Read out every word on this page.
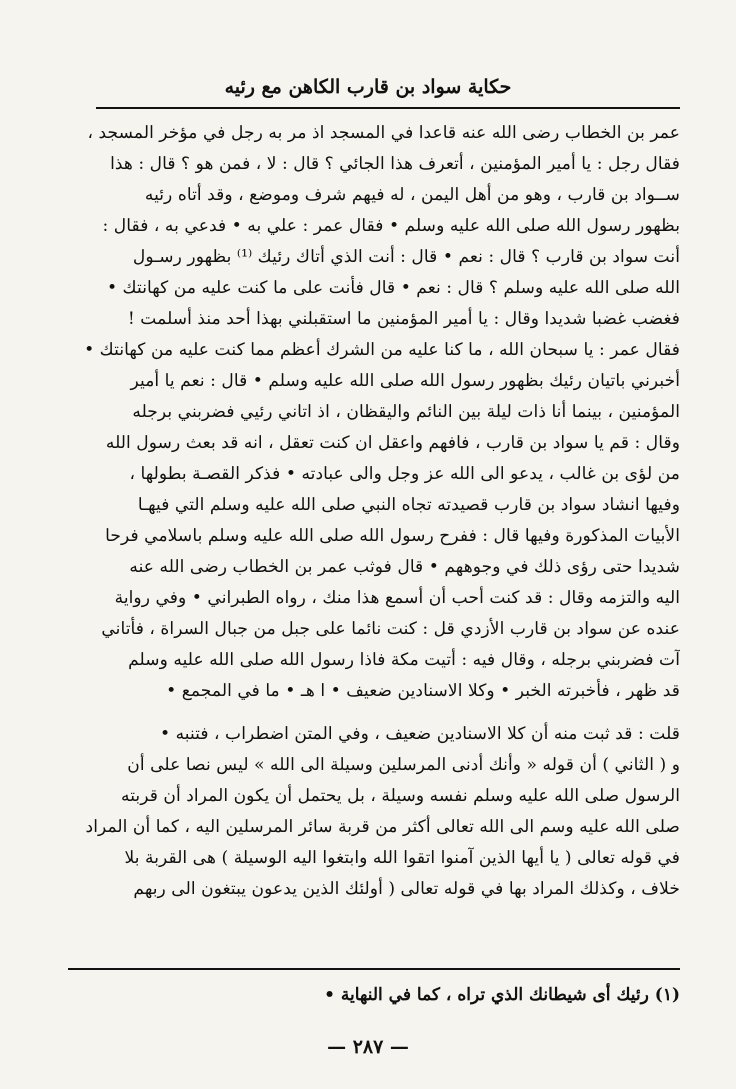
حكاية سواد بن قارب الكاهن مع رئيه
عمر بن الخطاب رضى الله عنه قاعدا في المسجد اذ مر به رجل في مؤخر المسجد ،
فقال رجل : يا أمير المؤمنين ، أتعرف هذا الجائي ؟ قال : لا ، فمن هو ؟ قال : هذا
ســواد بن قارب ، وهو من أهل اليمن ، له فيهم شرف وموضع ، وقد أتاه رئيه
بظهور رسول الله صلى الله عليه وسلم • فقال عمر : علي به • فدعي به ، فقال :
أنت سواد بن قارب ؟ قال : نعم • قال : أنت الذي أتاك رئيك ⁽¹⁾ بظهور رسـول
الله صلى الله عليه وسلم ؟ قال : نعم • قال فأنت على ما كنت عليه من كهانتك •
فغضب غضبا شديدا وقال : يا أمير المؤمنين ما استقبلني بهذا أحد منذ أسلمت !
فقال عمر : يا سبحان الله ، ما كنا عليه من الشرك أعظم مما كنت عليه من كهانتك •
أخبرني باتيان رئيك بظهور رسول الله صلى الله عليه وسلم • قال : نعم يا أمير
المؤمنين ، بينما أنا ذات ليلة بين النائم واليقظان ، اذ اتاني رئيي فضربني برجله
وقال : قم يا سواد بن قارب ، فافهم واعقل ان كنت تعقل ، انه قد بعث رسول الله
من لؤى بن غالب ، يدعو الى الله عز وجل والى عبادته • فذكر القصـة بطولها ،
وفيها انشاد سواد بن قارب قصيدته تجاه النبي صلى الله عليه وسلم التي فيهـا
الأبيات المذكورة وفيها قال : ففرح رسول الله صلى الله عليه وسلم باسلامي فرحا
شديدا حتى رؤى ذلك في وجوههم • قال فوثب عمر بن الخطاب رضى الله عنه
اليه والتزمه وقال : قد كنت أحب أن أسمع هذا منك ، رواه الطبراني • وفي رواية
عنده عن سواد بن قارب الأزدي قل : كنت نائما على جبل من جبال السراة ، فأتاني
آت فضربني برجله ، وقال فيه : أتيت مكة فاذا رسول الله صلى الله عليه وسلم
قد ظهر ، فأخبرته الخبر • وكلا الاسنادين ضعيف • ا هـ • ما في المجمع •
قلت : قد ثبت منه أن كلا الاسنادين ضعيف ، وفي المتن اضطراب ، فتنبه •
و ( الثاني ) أن قوله « وأنك أدنى المرسلين وسيلة الى الله » ليس نصا على أن
الرسول صلى الله عليه وسلم نفسه وسيلة ، بل يحتمل أن يكون المراد أن قربته
صلى الله عليه وسم الى الله تعالى أكثر من قربة سائر المرسلين اليه ، كما أن المراد
في قوله تعالى ( يا أيها الذين آمنوا اتقوا الله وابتغوا اليه الوسيلة ) هى القربة بلا
خلاف ، وكذلك المراد بها في قوله تعالى ( أولئك الذين يدعون يبتغون الى ربهم
(١) رئيك أى شيطانك الذي تراه ، كما في النهاية •
— ٢٨٧ —
